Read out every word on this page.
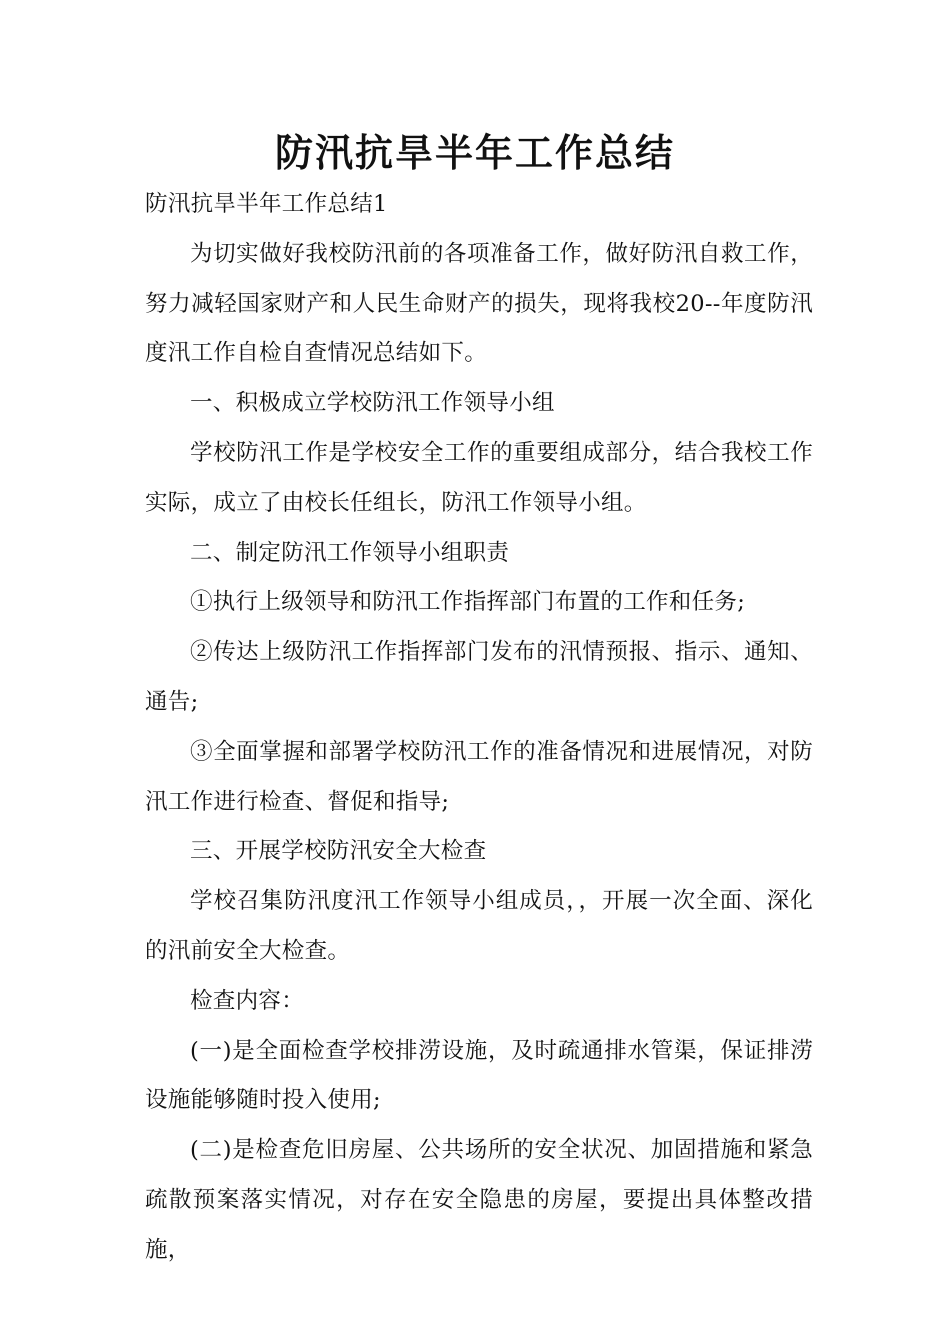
防汛抗旱半年工作总结

防汛抗旱半年工作总结1

为切实做好我校防汛前的各项准备工作，做好防汛自救工作，努力减轻国家财产和人民生命财产的损失，现将我校20--年度防汛度汛工作自检自查情况总结如下。

一、积极成立学校防汛工作领导小组

学校防汛工作是学校安全工作的重要组成部分，结合我校工作实际，成立了由校长任组长，防汛工作领导小组。

二、制定防汛工作领导小组职责

①执行上级领导和防汛工作指挥部门布置的工作和任务;

②传达上级防汛工作指挥部门发布的汛情预报、指示、通知、通告;

③全面掌握和部署学校防汛工作的准备情况和进展情况，对防汛工作进行检查、督促和指导;

三、开展学校防汛安全大检查

学校召集防汛度汛工作领导小组成员，，开展一次全面、深化的汛前安全大检查。

检查内容：

(一)是全面检查学校排涝设施，及时疏通排水管渠，保证排涝设施能够随时投入使用;

(二)是检查危旧房屋、公共场所的安全状况、加固措施和紧急疏散预案落实情况，对存在安全隐患的房屋，要提出具体整改措施，
